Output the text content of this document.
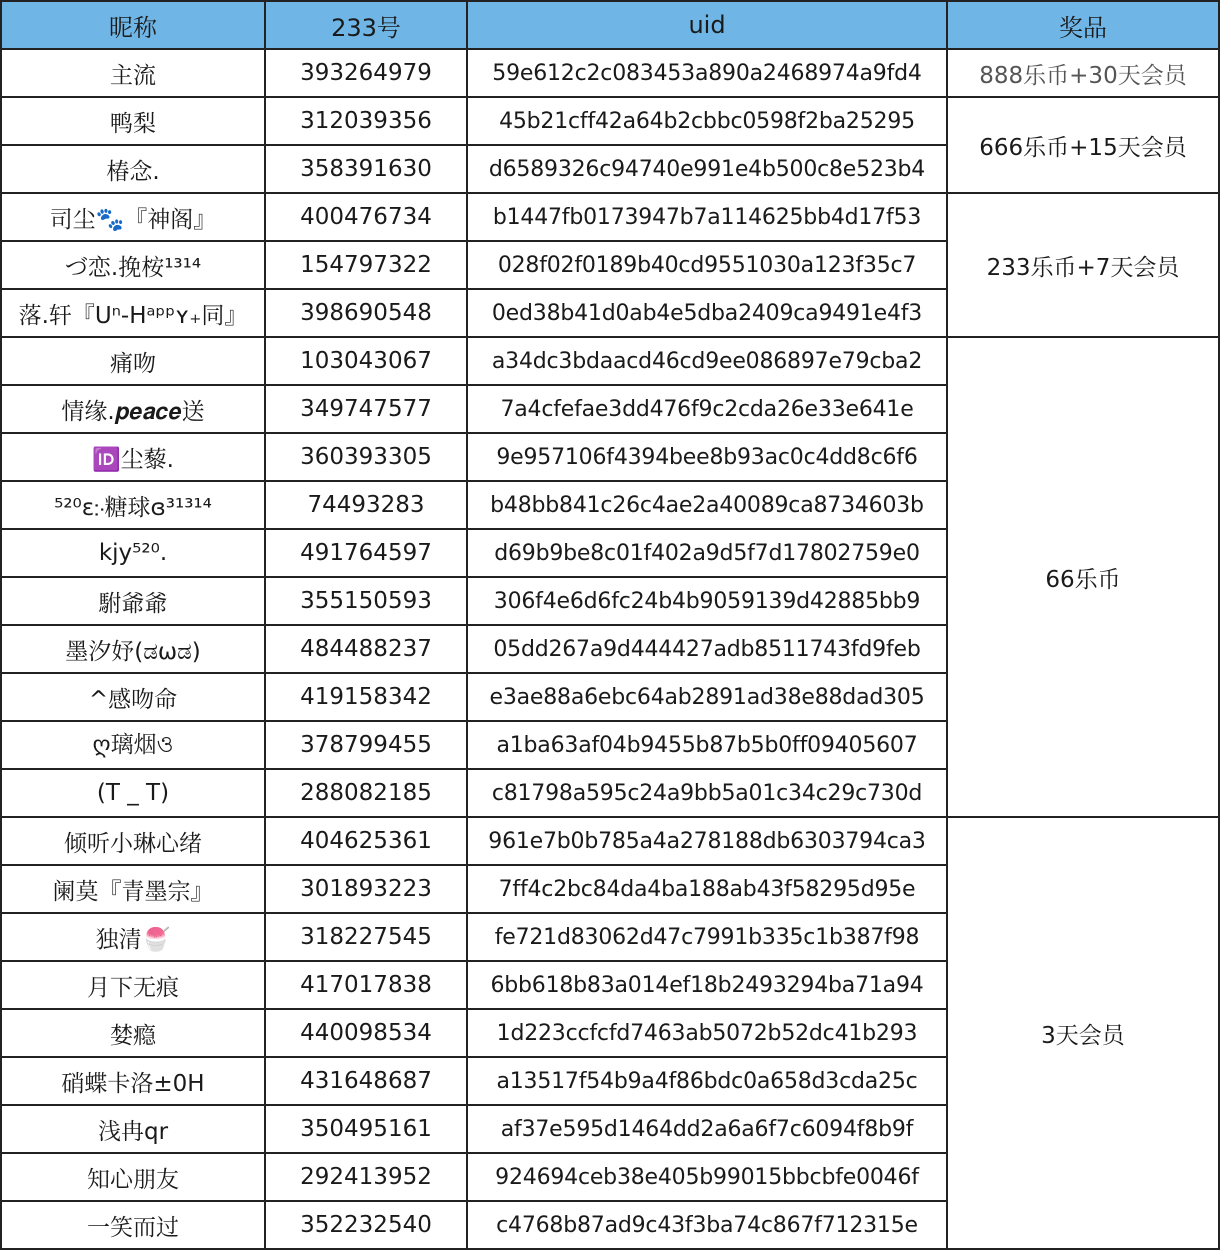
昵称	233号	uid	奖品
主流	393264979	59e612c2c083453a890a2468974a9fd4	888乐币+30天会员
鸭梨	312039356	45b21cff42a64b2cbbc0598f2ba25295	666乐币+15天会员
椿念.	358391630	d6589326c94740e991e4b500c8e523b4	
司尘🐾『神阁』	400476734	b1447fb0173947b7a114625bb4d17f53	233乐币+7天会员
づ恋.挽桉¹³¹⁴	154797322	028f02f0189b40cd9551030a123f35c7	
落.轩『Uⁿ-Hᵃᵖᵖʏ₊同』	398690548	0ed38b41d0ab4e5dba2409ca9491e4f3	
痛吻	103043067	a34dc3bdaacd46cd9ee086897e79cba2	66乐币
情缘.𝒑𝒆𝒂𝒄𝒆送	349747577	7a4cfefae3dd476f9c2cda26e33e641e	
🆔尘藜.	360393305	9e957106f4394bee8b93ac0c4dd8c6f6	
⁵²⁰ɛ჻糖球ɞ³¹³¹⁴	74493283	b48bb841c26c4ae2a40089ca8734603b	
kjy⁵²⁰.	491764597	d69b9be8c01f402a9d5f7d17802759e0	
駙爺爺	355150593	306f4e6d6fc24b4b9059139d42885bb9	
墨汐妤(ಡωಡ)	484488237	05dd267a9d444427adb8511743fd9feb	
^感吻命	419158342	e3ae88a6ebc64ab2891ad38e88dad305	
ღ璃烟ও	378799455	a1ba63af04b9455b87b5b0ff09405607	
(T _ T)	288082185	c81798a595c24a9bb5a01c34c29c730d	
倾听小琳心绪	404625361	961e7b0b785a4a278188db6303794ca3	3天会员
阑莫『青墨宗』	301893223	7ff4c2bc84da4ba188ab43f58295d95e	
独清🍧	318227545	fe721d83062d47c7991b335c1b387f98	
月下无痕	417017838	6bb618b83a014ef18b2493294ba71a94	
婪瘾	440098534	1d223ccfcfd7463ab5072b52dc41b293	
硝蝶卡洛±0H	431648687	a13517f54b9a4f86bdc0a658d3cda25c	
浅冉qr	350495161	af37e595d1464dd2a6a6f7c6094f8b9f	
知心朋友	292413952	924694ceb38e405b99015bbcbfe0046f	
一笑而过	352232540	c4768b87ad9c43f3ba74c867f712315e	
